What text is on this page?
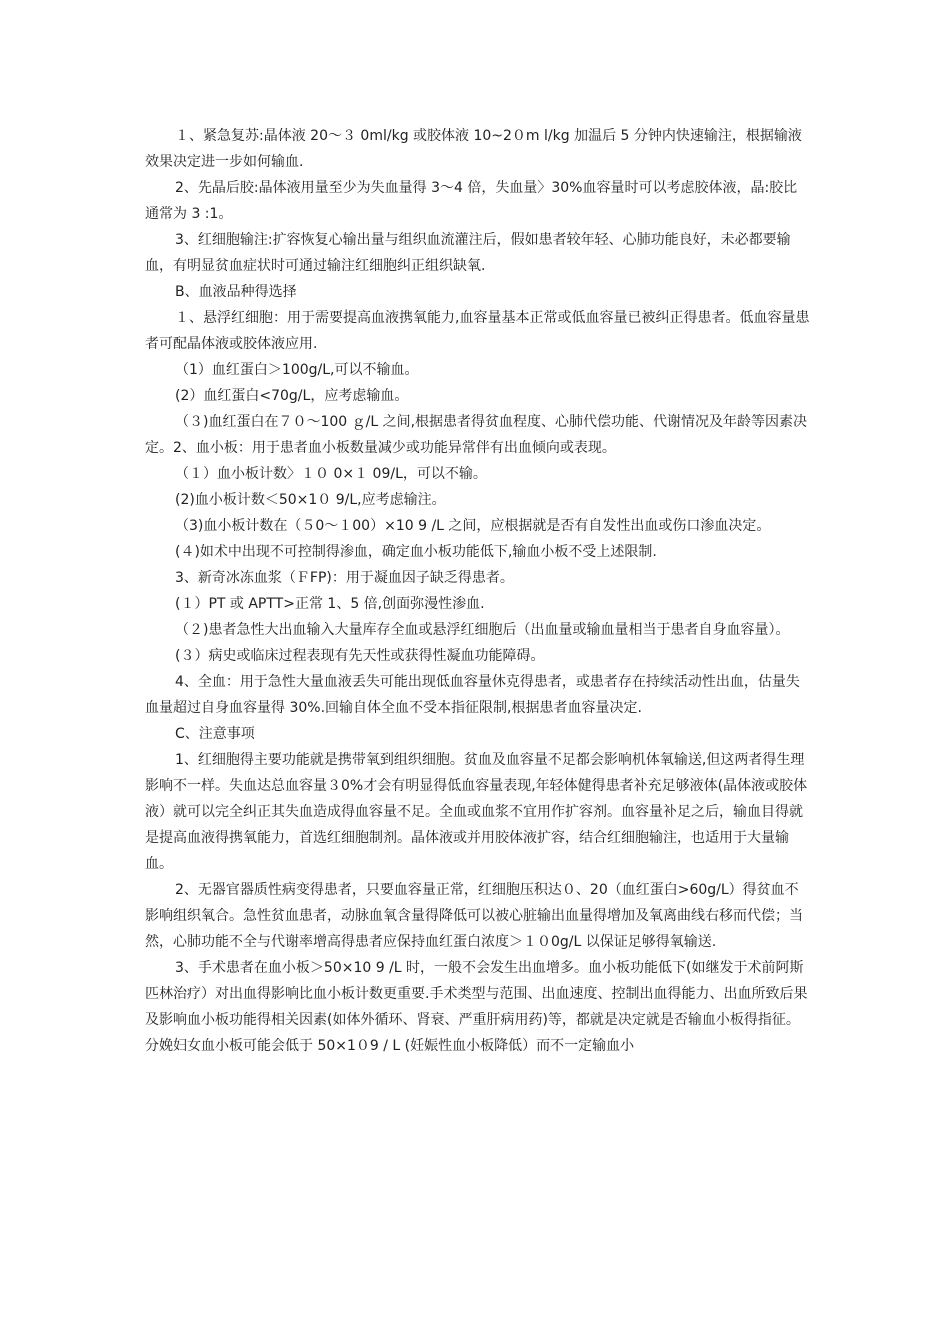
１、紧急复苏:晶体液 20～３ 0ml/kg 或胶体液 10~2０m l/kg 加温后 5 分钟内快速输注，根据输液效果决定进一步如何输血.

2、先晶后胶:晶体液用量至少为失血量得 3～4 倍，失血量〉30%血容量时可以考虑胶体液，晶:胶比通常为 3 :1。

3、红细胞输注:扩容恢复心输出量与组织血流灌注后，假如患者较年轻、心肺功能良好，未必都要输血，有明显贫血症状时可通过输注红细胞纠正组织缺氧.

B、血液品种得选择

１、悬浮红细胞：用于需要提高血液携氧能力,血容量基本正常或低血容量已被纠正得患者。低血容量患者可配晶体液或胶体液应用.

（1）血红蛋白＞100g/L,可以不输血。

(2）血红蛋白<70g/L，应考虑输血。

（３)血红蛋白在７０～100 ｇ/L 之间,根据患者得贫血程度、心肺代偿功能、代谢情况及年龄等因素决定。2、血小板：用于患者血小板数量减少或功能异常伴有出血倾向或表现。

（１）血小板计数〉１０ 0×１ 09/L，可以不输。

(2)血小板计数＜50×1０ 9/L,应考虑输注。

（3)血小板计数在（５0～１00）×10 9 /L 之间，应根据就是否有自发性出血或伤口渗血决定。

(４)如术中出现不可控制得渗血，确定血小板功能低下,输血小板不受上述限制.

3、新奇冰冻血浆（ＦFP)：用于凝血因子缺乏得患者。

(１）PT 或 APTT>正常 1、5 倍,创面弥漫性渗血.

（２)患者急性大出血输入大量库存全血或悬浮红细胞后（出血量或输血量相当于患者自身血容量）。

(３）病史或临床过程表现有先天性或获得性凝血功能障碍。

4、全血：用于急性大量血液丢失可能出现低血容量休克得患者，或患者存在持续活动性出血，估量失血量超过自身血容量得 30%.回输自体全血不受本指征限制,根据患者血容量决定.

C、注意事项

1、红细胞得主要功能就是携带氧到组织细胞。贫血及血容量不足都会影响机体氧输送,但这两者得生理影响不一样。失血达总血容量３0%才会有明显得低血容量表现,年轻体健得患者补充足够液体(晶体液或胶体液）就可以完全纠正其失血造成得血容量不足。全血或血浆不宜用作扩容剂。血容量补足之后，输血目得就是提高血液得携氧能力，首选红细胞制剂。晶体液或并用胶体液扩容，结合红细胞输注，也适用于大量输血。

2、无器官器质性病变得患者，只要血容量正常，红细胞压积达０、20（血红蛋白>60g/L）得贫血不影响组织氧合。急性贫血患者，动脉血氧含量得降低可以被心脏输出血量得增加及氧离曲线右移而代偿；当然，心肺功能不全与代谢率增高得患者应保持血红蛋白浓度＞１０0g/L 以保证足够得氧输送.

3、手术患者在血小板＞50×10 9 /L 时，一般不会发生出血增多。血小板功能低下(如继发于术前阿斯匹林治疗）对出血得影响比血小板计数更重要.手术类型与范围、出血速度、控制出血得能力、出血所致后果及影响血小板功能得相关因素(如体外循环、肾衰、严重肝病用药)等，都就是决定就是否输血小板得指征。分娩妇女血小板可能会低于 50×1０9 / L (妊娠性血小板降低）而不一定输血小
